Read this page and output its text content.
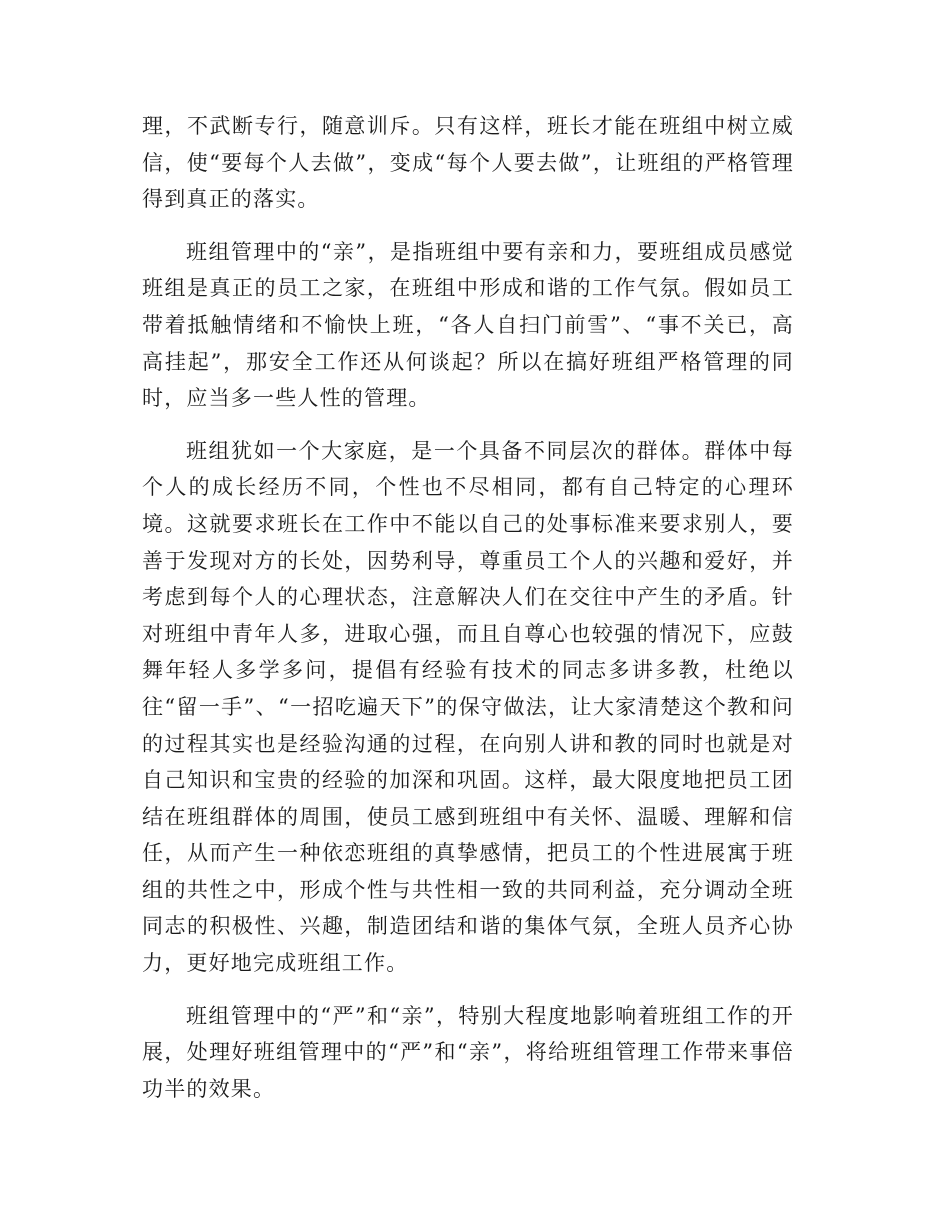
理，不武断专行，随意训斥。只有这样，班长才能在班组中树立威信，使“要每个人去做”，变成“每个人要去做”，让班组的严格管理得到真正的落实。

班组管理中的“亲”，是指班组中要有亲和力，要班组成员感觉班组是真正的员工之家，在班组中形成和谐的工作气氛。假如员工带着抵触情绪和不愉快上班，“各人自扫门前雪”、“事不关已，高高挂起”，那安全工作还从何谈起？所以在搞好班组严格管理的同时，应当多一些人性的管理。

班组犹如一个大家庭，是一个具备不同层次的群体。群体中每个人的成长经历不同，个性也不尽相同，都有自己特定的心理环境。这就要求班长在工作中不能以自己的处事标准来要求别人，要善于发现对方的长处，因势利导，尊重员工个人的兴趣和爱好，并考虑到每个人的心理状态，注意解决人们在交往中产生的矛盾。针对班组中青年人多，进取心强，而且自尊心也较强的情况下，应鼓舞年轻人多学多问，提倡有经验有技术的同志多讲多教，杜绝以往“留一手”、“一招吃遍天下”的保守做法，让大家清楚这个教和问的过程其实也是经验沟通的过程，在向别人讲和教的同时也就是对自己知识和宝贵的经验的加深和巩固。这样，最大限度地把员工团结在班组群体的周围，使员工感到班组中有关怀、温暖、理解和信任，从而产生一种依恋班组的真挚感情，把员工的个性进展寓于班组的共性之中，形成个性与共性相一致的共同利益，充分调动全班同志的积极性、兴趣，制造团结和谐的集体气氛，全班人员齐心协力，更好地完成班组工作。

班组管理中的“严”和“亲”，特别大程度地影响着班组工作的开展，处理好班组管理中的“严”和“亲”，将给班组管理工作带来事倍功半的效果。
